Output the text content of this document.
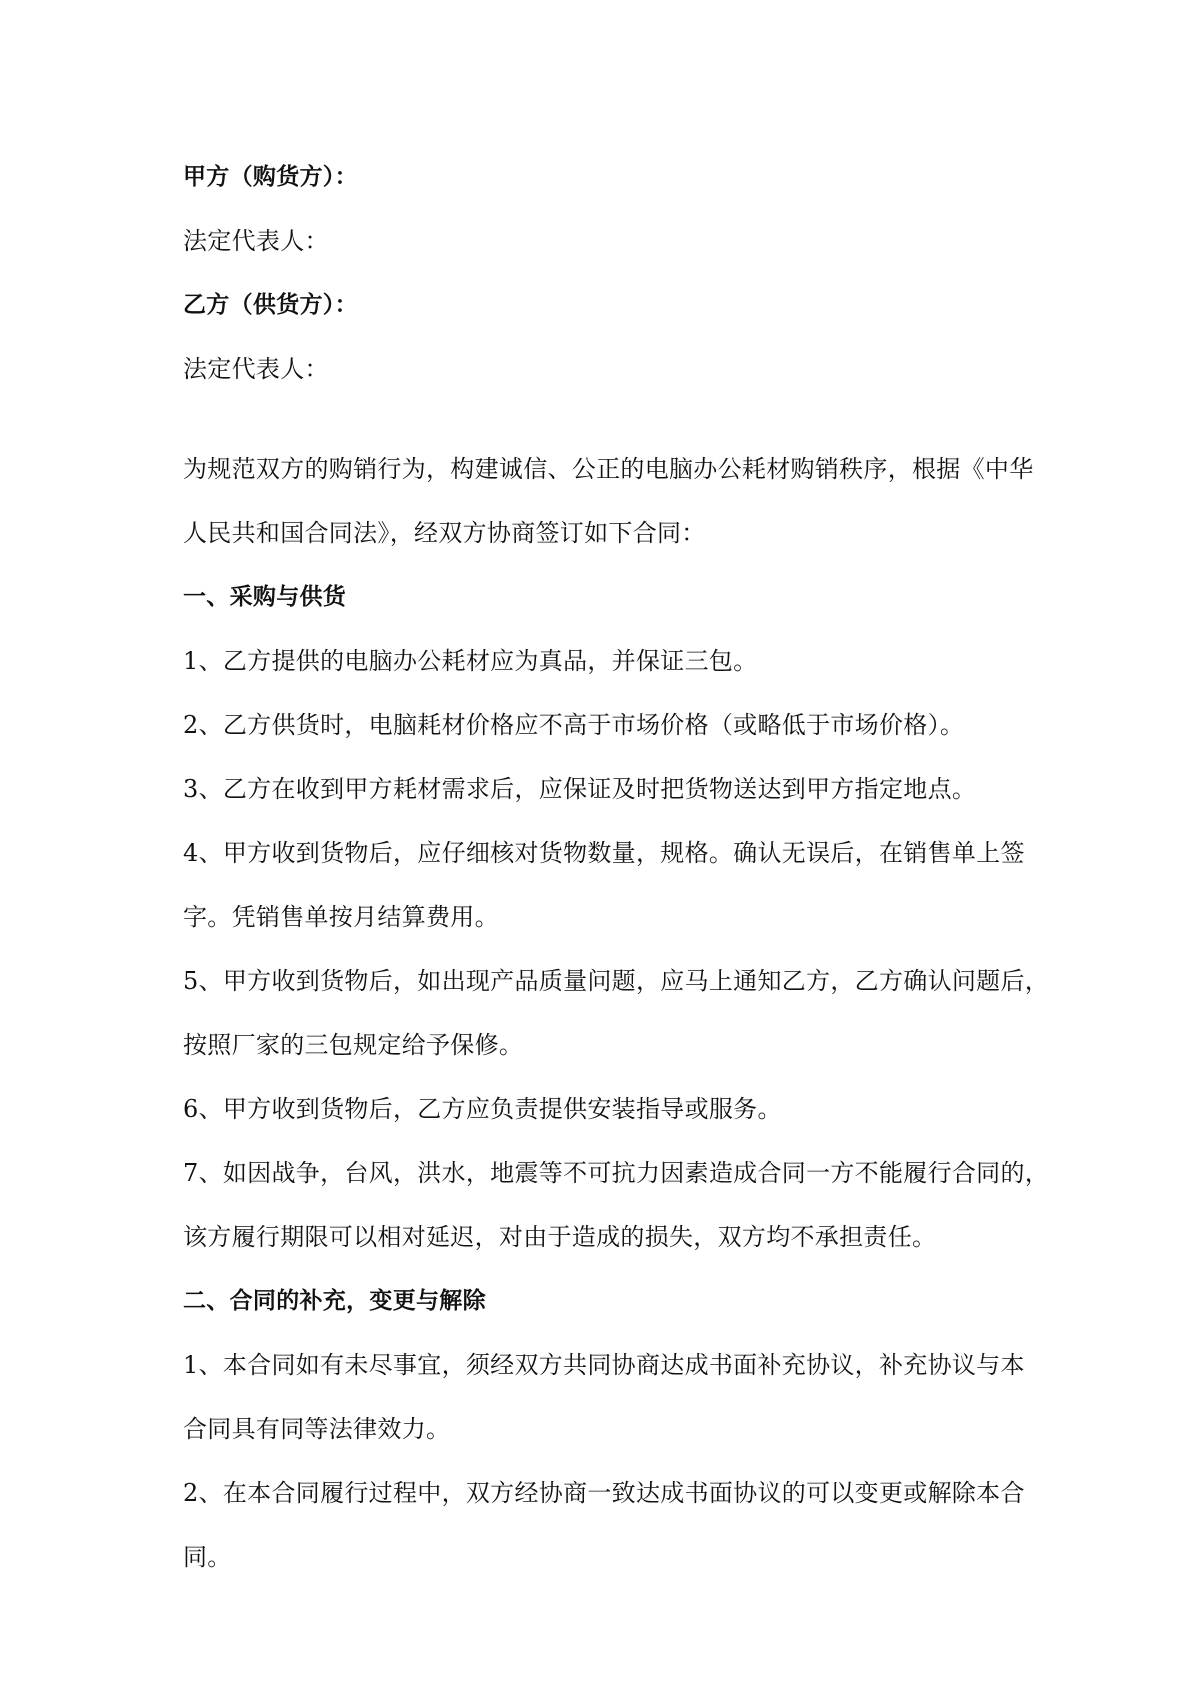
甲方（购货方）：
法定代表人：
乙方（供货方）：
法定代表人：
为规范双方的购销行为，构建诚信、公正的电脑办公耗材购销秩序，根据《中华
人民共和国合同法》，经双方协商签订如下合同：
一、采购与供货
1、乙方提供的电脑办公耗材应为真品，并保证三包。
2、乙方供货时，电脑耗材价格应不高于市场价格（或略低于市场价格）。
3、乙方在收到甲方耗材需求后，应保证及时把货物送达到甲方指定地点。
4、甲方收到货物后，应仔细核对货物数量，规格。确认无误后，在销售单上签
字。凭销售单按月结算费用。
5、甲方收到货物后，如出现产品质量问题，应马上通知乙方，乙方确认问题后，
按照厂家的三包规定给予保修。
6、甲方收到货物后，乙方应负责提供安装指导或服务。
7、如因战争，台风，洪水，地震等不可抗力因素造成合同一方不能履行合同的，
该方履行期限可以相对延迟，对由于造成的损失，双方均不承担责任。
二、合同的补充，变更与解除
1、本合同如有未尽事宜，须经双方共同协商达成书面补充协议，补充协议与本
合同具有同等法律效力。
2、在本合同履行过程中，双方经协商一致达成书面协议的可以变更或解除本合
同。
